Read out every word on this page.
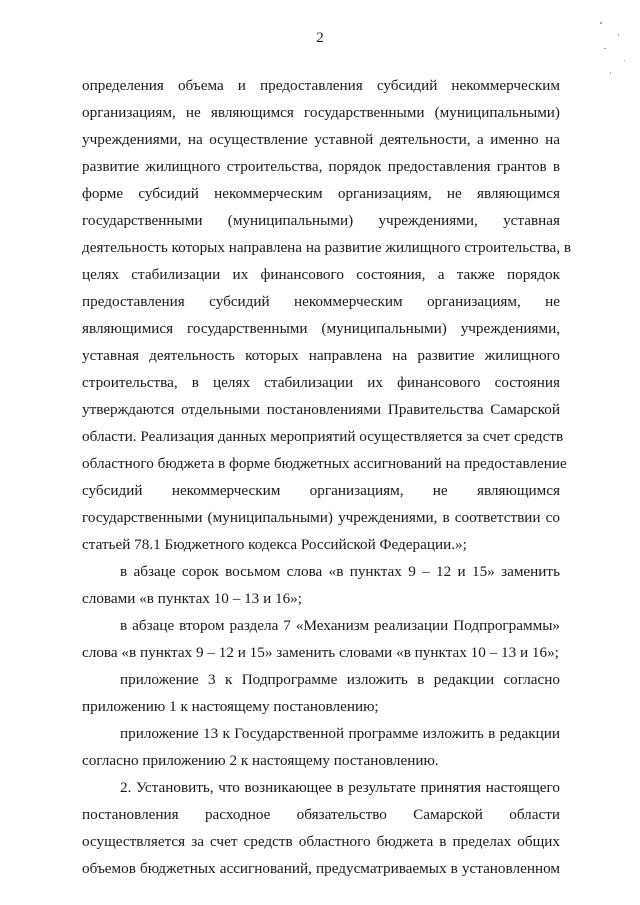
2
определения объема и предоставления субсидий некоммерческим
организациям, не являющимся государственными (муниципальными)
учреждениями, на осуществление уставной деятельности, а именно на
развитие жилищного строительства, порядок предоставления грантов в
форме субсидий некоммерческим организациям, не являющимся
государственными (муниципальными) учреждениями, уставная
деятельность которых направлена на развитие жилищного строительства, в
целях стабилизации их финансового состояния, а также порядок
предоставления субсидий некоммерческим организациям, не
являющимися государственными (муниципальными) учреждениями,
уставная деятельность которых направлена на развитие жилищного
строительства, в целях стабилизации их финансового состояния
утверждаются отдельными постановлениями Правительства Самарской
области. Реализация данных мероприятий осуществляется за счет средств
областного бюджета в форме бюджетных ассигнований на предоставление
субсидий некоммерческим организациям, не являющимся
государственными (муниципальными) учреждениями, в соответствии со
статьей 78.1 Бюджетного кодекса Российской Федерации.»;
в абзаце сорок восьмом слова «в пунктах 9 – 12 и 15» заменить
словами «в пунктах 10 – 13 и 16»;
в абзаце втором раздела 7 «Механизм реализации Подпрограммы»
слова «в пунктах 9 – 12 и 15» заменить словами «в пунктах 10 – 13 и 16»;
приложение 3 к Подпрограмме изложить в редакции согласно
приложению 1 к настоящему постановлению;
приложение 13 к Государственной программе изложить в редакции
согласно приложению 2 к настоящему постановлению.
2. Установить, что возникающее в результате принятия настоящего
постановления расходное обязательство Самарской области
осуществляется за счет средств областного бюджета в пределах общих
объемов бюджетных ассигнований, предусматриваемых в установленном
